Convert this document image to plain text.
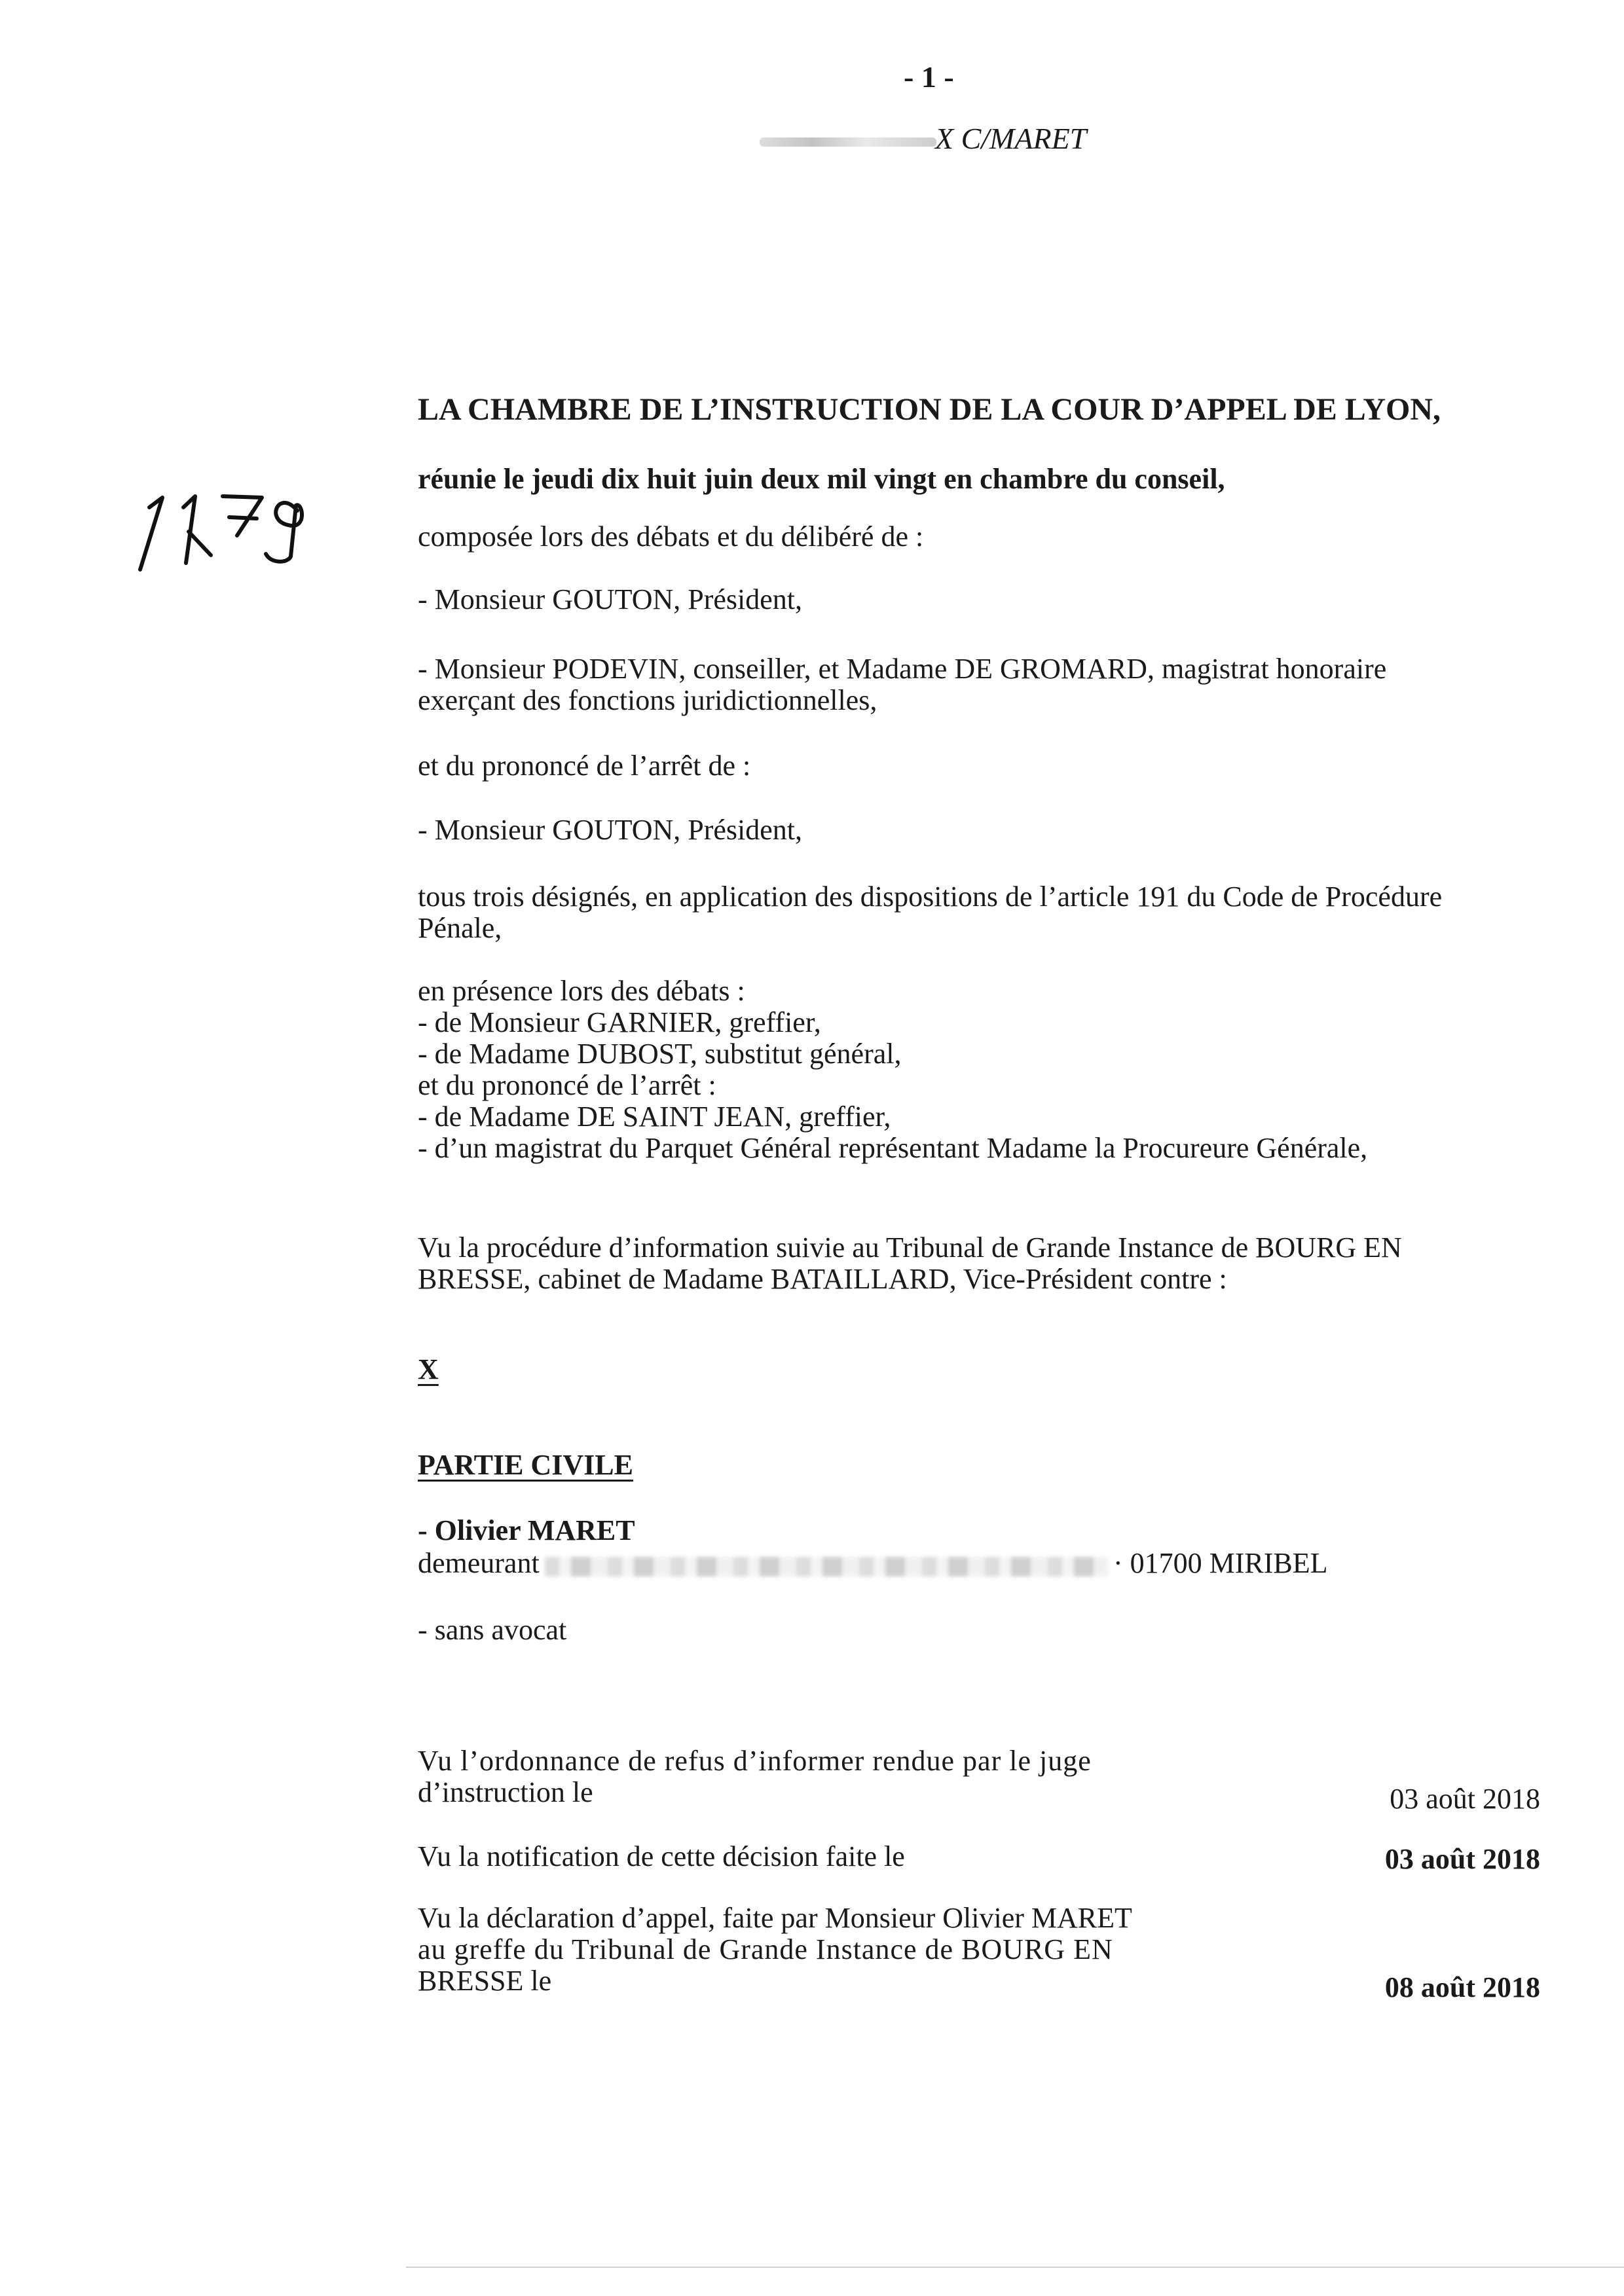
- 1 -
X C/MARET
LA CHAMBRE DE L’INSTRUCTION DE LA COUR D’APPEL DE LYON,
réunie le jeudi dix huit juin deux mil vingt en chambre du conseil,
composée lors des débats et du délibéré de :
- Monsieur GOUTON, Président,
- Monsieur PODEVIN, conseiller, et Madame DE GROMARD, magistrat honoraire
exerçant des fonctions juridictionnelles,
et du prononcé de l’arrêt de :
- Monsieur GOUTON, Président,
tous trois désignés, en application des dispositions de l’article 191 du Code de Procédure
Pénale,
en présence lors des débats :
- de Monsieur GARNIER, greffier,
- de Madame DUBOST, substitut général,
et du prononcé de l’arrêt :
- de Madame DE SAINT JEAN, greffier,
- d’un magistrat du Parquet Général représentant Madame la Procureure Générale,
Vu la procédure d’information suivie au Tribunal de Grande Instance de BOURG EN
BRESSE, cabinet de Madame BATAILLARD, Vice-Président contre :
X
PARTIE CIVILE
- Olivier MARET
demeurant	· 01700 MIRIBEL
- sans avocat
Vu l’ordonnance de refus d’informer rendue par le juge
d’instruction le	03 août 2018
Vu la notification de cette décision faite le	03 août 2018
Vu la déclaration d’appel, faite par Monsieur Olivier MARET
au greffe du Tribunal de Grande Instance de BOURG EN
BRESSE le	08 août 2018
